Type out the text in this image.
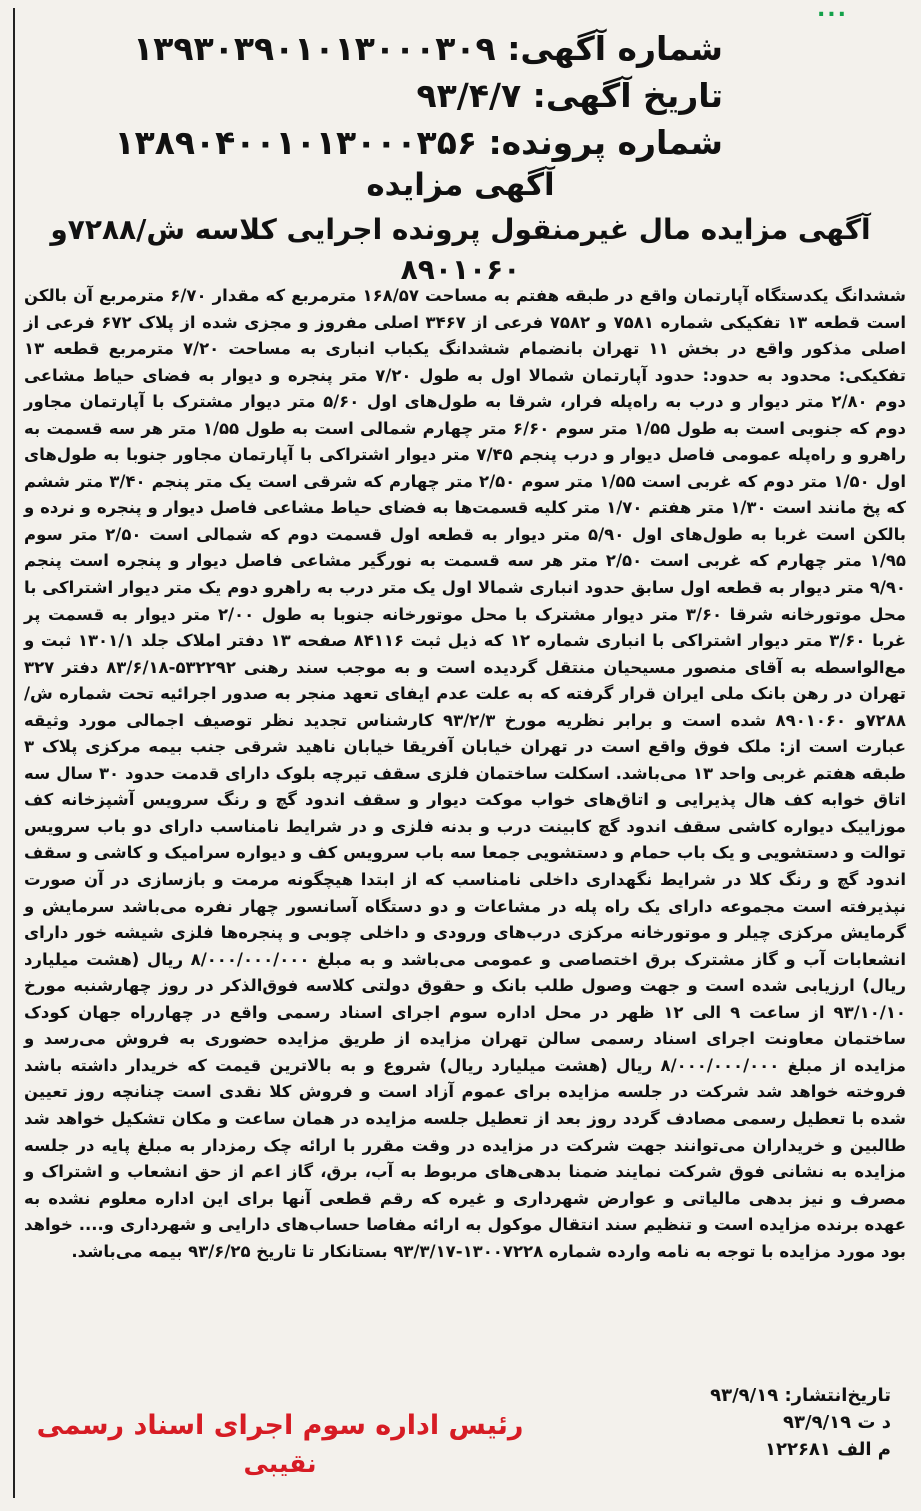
...
شماره آگهی: ۱۳۹۳۰۳۹۰۱۰۱۳۰۰۰۳۰۹
تاریخ آگهی: ۹۳/۴/۷
شماره پرونده: ۱۳۸۹۰۴۰۰۱۰۱۳۰۰۰۳۵۶
آگهی مزایده
آگهی مزایده مال غیرمنقول پرونده اجرایی کلاسه ش/۷۲۸۸و ۸۹۰۱۰۶۰
ششدانگ یکدستگاه آپارتمان واقع در طبقه هفتم به مساحت ۱۶۸/۵۷ مترمربع که مقدار ۶/۷۰ مترمربع آن بالکن است قطعه ۱۳ تفکیکی شماره ۷۵۸۱ و ۷۵۸۲ فرعی از ۳۴۶۷ اصلی مفروز و مجزی شده از پلاک ۶۷۲ فرعی از اصلی مذکور واقع در بخش ۱۱ تهران بانضمام ششدانگ یکباب انباری به مساحت ۷/۲۰ مترمربع قطعه ۱۳ تفکیکی: محدود به حدود: حدود آپارتمان شمالا اول به طول ۷/۲۰ متر پنجره و دیوار به فضای حیاط مشاعی دوم ۲/۸۰ متر دیوار و درب به راه‌پله فرار، شرقا به طول‌های اول ۵/۶۰ متر دیوار مشترک با آپارتمان مجاور دوم که جنوبی است به طول ۱/۵۵ متر سوم ۶/۶۰ متر چهارم شمالی است به طول ۱/۵۵ متر هر سه قسمت به راهرو و راه‌پله عمومی فاصل دیوار و درب پنجم ۷/۴۵ متر دیوار اشتراکی با آپارتمان مجاور جنوبا به طول‌های اول ۱/۵۰ متر دوم که غربی است ۱/۵۵ متر سوم ۲/۵۰ متر چهارم که شرقی است یک متر پنجم ۳/۴۰ متر ششم که پخ مانند است ۱/۳۰ متر هفتم ۱/۷۰ متر کلیه قسمت‌ها به فضای حیاط مشاعی فاصل دیوار و پنجره و نرده و بالکن است غربا به طول‌های اول ۵/۹۰ متر دیوار به قطعه اول قسمت دوم که شمالی است ۲/۵۰ متر سوم ۱/۹۵ متر چهارم که غربی است ۲/۵۰ متر هر سه قسمت به نورگیر مشاعی فاصل دیوار و پنجره است پنجم ۹/۹۰ متر دیوار به قطعه اول سابق حدود انباری شمالا اول یک متر درب به راهرو دوم یک متر دیوار اشتراکی با محل موتورخانه شرقا ۳/۶۰ متر دیوار مشترک با محل موتورخانه جنوبا به طول ۲/۰۰ متر دیوار به قسمت پر غربا ۳/۶۰ متر دیوار اشتراکی با انباری شماره ۱۲ که ذیل ثبت ۸۴۱۱۶ صفحه ۱۳ دفتر املاک جلد ۱۳۰۱/۱ ثبت و مع‌الواسطه به آقای منصور مسیحیان منتقل گردیده است و به موجب سند رهنی ۵۳۲۲۹۲-۸۳/۶/۱۸ دفتر ۳۲۷ تهران در رهن بانک ملی ایران قرار گرفته که به علت عدم ایفای تعهد منجر به صدور اجرائیه تحت شماره ش/۷۲۸۸و ۸۹۰۱۰۶۰ شده است و برابر نظریه مورخ ۹۳/۲/۳ کارشناس تجدید نظر توصیف اجمالی مورد وثیقه عبارت است از: ملک فوق واقع است در تهران خیابان آفریقا خیابان ناهید شرقی جنب بیمه مرکزی پلاک ۳ طبقه هفتم غربی واحد ۱۳ می‌باشد. اسکلت ساختمان فلزی سقف تیرچه بلوک دارای قدمت حدود ۳۰ سال سه اتاق خوابه کف هال پذیرایی و اتاق‌های خواب موکت دیوار و سقف اندود گچ و رنگ سرویس آشپزخانه کف موزاییک دیواره کاشی سقف اندود گچ کابینت درب و بدنه فلزی و در شرایط نامناسب دارای دو باب سرویس توالت و دستشویی و یک باب حمام و دستشویی جمعا سه باب سرویس کف و دیواره سرامیک و کاشی و سقف اندود گچ و رنگ کلا در شرایط نگهداری داخلی نامناسب که از ابتدا هیچگونه مرمت و بازسازی در آن صورت نپذیرفته است مجموعه دارای یک راه پله در مشاعات و دو دستگاه آسانسور چهار نفره می‌باشد سرمایش و گرمایش مرکزی چیلر و موتورخانه مرکزی درب‌های ورودی و داخلی چوبی و پنجره‌ها فلزی شیشه خور دارای انشعابات آب و گاز مشترک برق اختصاصی و عمومی می‌باشد و به مبلغ ۸/۰۰۰/۰۰۰/۰۰۰ ریال (هشت میلیارد ریال) ارزیابی شده است و جهت وصول طلب بانک و حقوق دولتی کلاسه فوق‌الذکر در روز چهارشنبه مورخ ۹۳/۱۰/۱۰ از ساعت ۹ الی ۱۲ ظهر در محل اداره سوم اجرای اسناد رسمی واقع در چهارراه جهان کودک ساختمان معاونت اجرای اسناد رسمی سالن تهران مزایده از طریق مزایده حضوری به فروش می‌رسد و مزایده از مبلغ ۸/۰۰۰/۰۰۰/۰۰۰ ریال (هشت میلیارد ریال) شروع و به بالاترین قیمت که خریدار داشته باشد فروخته خواهد شد شرکت در جلسه مزایده برای عموم آزاد است و فروش کلا نقدی است چنانچه روز تعیین شده با تعطیل رسمی مصادف گردد روز بعد از تعطیل جلسه مزایده در همان ساعت و مکان تشکیل خواهد شد طالبین و خریداران می‌توانند جهت شرکت در مزایده در وقت مقرر با ارائه چک رمزدار به مبلغ پایه در جلسه مزایده به نشانی فوق شرکت نمایند ضمنا بدهی‌های مربوط به آب، برق، گاز اعم از حق انشعاب و اشتراک و مصرف و نیز بدهی مالیاتی و عوارض شهرداری و غیره که رقم قطعی آنها برای این اداره معلوم نشده به عهده برنده مزایده است و تنظیم سند انتقال موکول به ارائه مفاصا حساب‌های دارایی و شهرداری و.... خواهد بود مورد مزایده با توجه به نامه وارده شماره ۱۳۰۰۷۲۲۸-۹۳/۳/۱۷ بستانکار تا تاریخ ۹۳/۶/۲۵ بیمه می‌باشد.
تاریخ‌انتشار: ۹۳/۹/۱۹
د ت ۹۳/۹/۱۹
م الف ۱۲۲۶۸۱
رئیس اداره سوم اجرای اسناد رسمی
نقیبی
